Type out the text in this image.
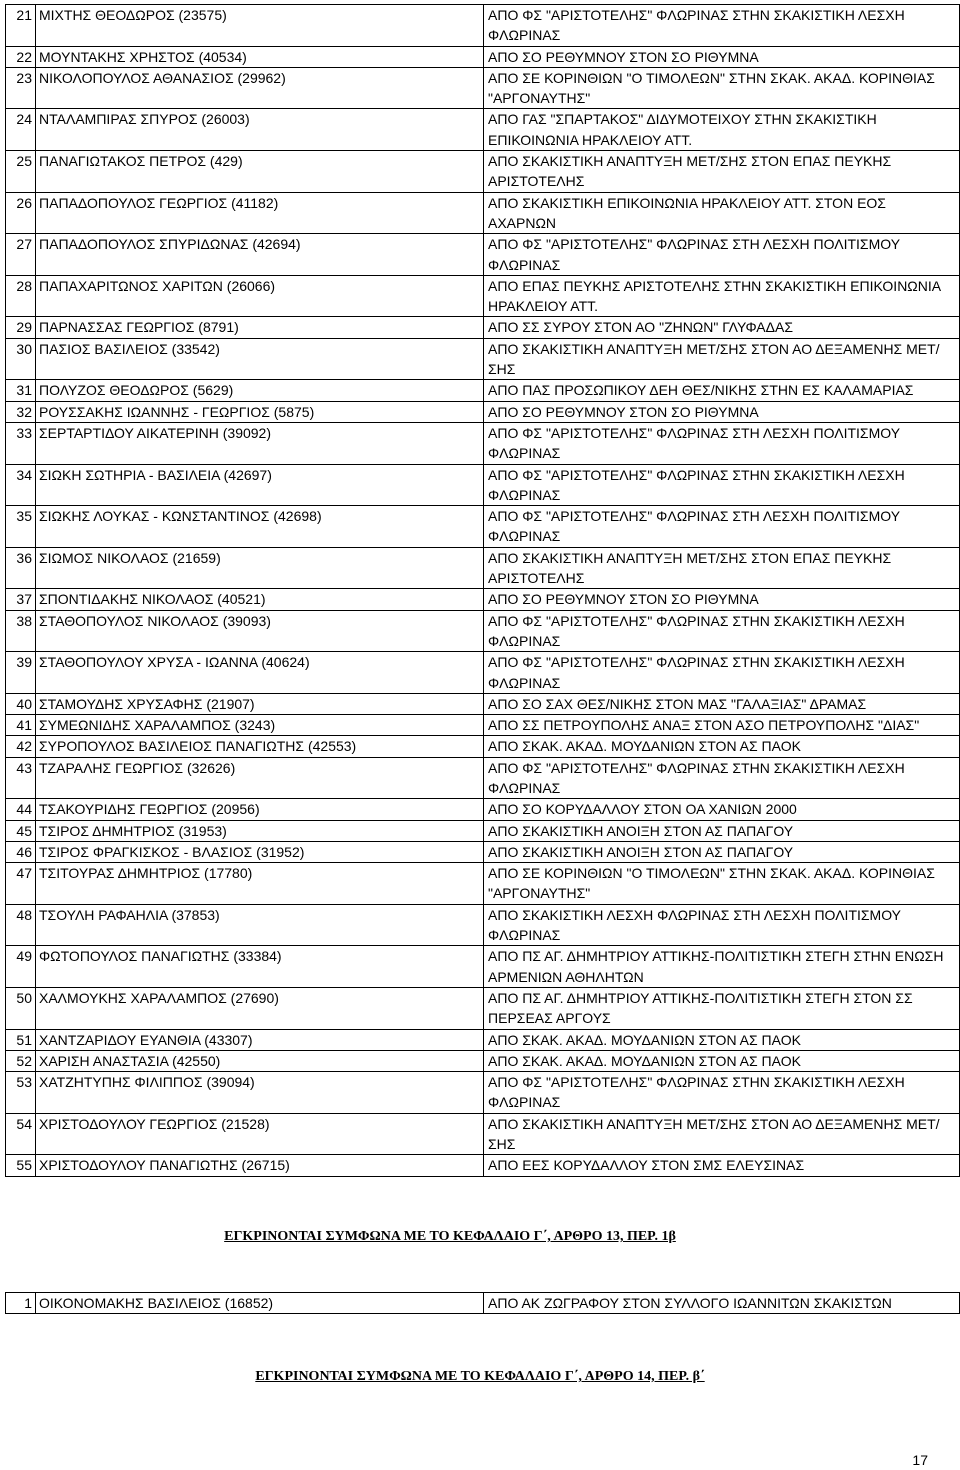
21	ΜΙΧΤΗΣ ΘΕΟΔΩΡΟΣ (23575)	ΑΠΟ ΦΣ "ΑΡΙΣΤΟΤΕΛΗΣ" ΦΛΩΡΙΝΑΣ ΣΤΗΝ ΣΚΑΚΙΣΤΙΚΗ ΛΕΣΧΗ ΦΛΩΡΙΝΑΣ
22	ΜΟΥΝΤΑΚΗΣ ΧΡΗΣΤΟΣ (40534)	ΑΠΟ ΣΟ ΡΕΘΥΜΝΟΥ ΣΤΟΝ ΣΟ ΡΙΘΥΜΝΑ
23	ΝΙΚΟΛΟΠΟΥΛΟΣ ΑΘΑΝΑΣΙΟΣ (29962)	ΑΠΟ ΣΕ ΚΟΡΙΝΘΙΩΝ "Ο ΤΙΜΟΛΕΩΝ" ΣΤΗΝ ΣΚΑΚ. ΑΚΑΔ. ΚΟΡΙΝΘΙΑΣ "ΑΡΓΟΝΑΥΤΗΣ"
24	ΝΤΑΛΑΜΠΙΡΑΣ ΣΠΥΡΟΣ (26003)	ΑΠΟ ΓΑΣ "ΣΠΑΡΤΑΚΟΣ" ΔΙΔΥΜΟΤΕΙΧΟΥ ΣΤΗΝ ΣΚΑΚΙΣΤΙΚΗ ΕΠΙΚΟΙΝΩΝΙΑ ΗΡΑΚΛΕΙΟΥ ΑΤΤ.
25	ΠΑΝΑΓΙΩΤΑΚΟΣ ΠΕΤΡΟΣ (429)	ΑΠΟ ΣΚΑΚΙΣΤΙΚΗ ΑΝΑΠΤΥΞΗ ΜΕΤ/ΣΗΣ ΣΤΟΝ ΕΠΑΣ ΠΕΥΚΗΣ ΑΡΙΣΤΟΤΕΛΗΣ
26	ΠΑΠΑΔΟΠΟΥΛΟΣ ΓΕΩΡΓΙΟΣ (41182)	ΑΠΟ ΣΚΑΚΙΣΤΙΚΗ ΕΠΙΚΟΙΝΩΝΙΑ ΗΡΑΚΛΕΙΟΥ ΑΤΤ. ΣΤΟΝ ΕΟΣ ΑΧΑΡΝΩΝ
27	ΠΑΠΑΔΟΠΟΥΛΟΣ ΣΠΥΡΙΔΩΝΑΣ (42694)	ΑΠΟ ΦΣ "ΑΡΙΣΤΟΤΕΛΗΣ" ΦΛΩΡΙΝΑΣ ΣΤΗ ΛΕΣΧΗ ΠΟΛΙΤΙΣΜΟΥ ΦΛΩΡΙΝΑΣ
28	ΠΑΠΑΧΑΡΙΤΩΝΟΣ ΧΑΡΙΤΩΝ (26066)	ΑΠΟ ΕΠΑΣ ΠΕΥΚΗΣ ΑΡΙΣΤΟΤΕΛΗΣ ΣΤΗΝ ΣΚΑΚΙΣΤΙΚΗ ΕΠΙΚΟΙΝΩΝΙΑ ΗΡΑΚΛΕΙΟΥ ΑΤΤ.
29	ΠΑΡΝΑΣΣΑΣ ΓΕΩΡΓΙΟΣ (8791)	ΑΠΟ ΣΣ ΣΥΡΟΥ ΣΤΟΝ ΑΟ "ΖΗΝΩΝ" ΓΛΥΦΑΔΑΣ
30	ΠΑΣΙΟΣ ΒΑΣΙΛΕΙΟΣ (33542)	ΑΠΟ ΣΚΑΚΙΣΤΙΚΗ ΑΝΑΠΤΥΞΗ ΜΕΤ/ΣΗΣ ΣΤΟΝ ΑΟ ΔΕΞΑΜΕΝΗΣ ΜΕΤ/ΣΗΣ
31	ΠΟΛΥΖΟΣ ΘΕΟΔΩΡΟΣ (5629)	ΑΠΟ ΠΑΣ ΠΡΟΣΩΠΙΚΟΥ ΔΕΗ ΘΕΣ/ΝΙΚΗΣ ΣΤΗΝ ΕΣ ΚΑΛΑΜΑΡΙΑΣ
32	ΡΟΥΣΣΑΚΗΣ ΙΩΑΝΝΗΣ - ΓΕΩΡΓΙΟΣ (5875)	ΑΠΟ ΣΟ ΡΕΘΥΜΝΟΥ ΣΤΟΝ ΣΟ ΡΙΘΥΜΝΑ
33	ΣΕΡΤΑΡΤΙΔΟΥ ΑΙΚΑΤΕΡΙΝΗ (39092)	ΑΠΟ ΦΣ "ΑΡΙΣΤΟΤΕΛΗΣ" ΦΛΩΡΙΝΑΣ ΣΤΗ ΛΕΣΧΗ ΠΟΛΙΤΙΣΜΟΥ ΦΛΩΡΙΝΑΣ
34	ΣΙΩΚΗ ΣΩΤΗΡΙΑ - ΒΑΣΙΛΕΙΑ (42697)	ΑΠΟ ΦΣ "ΑΡΙΣΤΟΤΕΛΗΣ" ΦΛΩΡΙΝΑΣ ΣΤΗΝ ΣΚΑΚΙΣΤΙΚΗ ΛΕΣΧΗ ΦΛΩΡΙΝΑΣ
35	ΣΙΩΚΗΣ ΛΟΥΚΑΣ - ΚΩΝΣΤΑΝΤΙΝΟΣ (42698)	ΑΠΟ ΦΣ "ΑΡΙΣΤΟΤΕΛΗΣ" ΦΛΩΡΙΝΑΣ ΣΤΗ ΛΕΣΧΗ ΠΟΛΙΤΙΣΜΟΥ ΦΛΩΡΙΝΑΣ
36	ΣΙΩΜΟΣ ΝΙΚΟΛΑΟΣ (21659)	ΑΠΟ ΣΚΑΚΙΣΤΙΚΗ ΑΝΑΠΤΥΞΗ ΜΕΤ/ΣΗΣ ΣΤΟΝ ΕΠΑΣ ΠΕΥΚΗΣ ΑΡΙΣΤΟΤΕΛΗΣ
37	ΣΠΟΝΤΙΔΑΚΗΣ ΝΙΚΟΛΑΟΣ (40521)	ΑΠΟ ΣΟ ΡΕΘΥΜΝΟΥ ΣΤΟΝ ΣΟ ΡΙΘΥΜΝΑ
38	ΣΤΑΘΟΠΟΥΛΟΣ ΝΙΚΟΛΑΟΣ (39093)	ΑΠΟ ΦΣ "ΑΡΙΣΤΟΤΕΛΗΣ" ΦΛΩΡΙΝΑΣ ΣΤΗΝ ΣΚΑΚΙΣΤΙΚΗ ΛΕΣΧΗ ΦΛΩΡΙΝΑΣ
39	ΣΤΑΘΟΠΟΥΛΟΥ ΧΡΥΣΑ - ΙΩΑΝΝΑ (40624)	ΑΠΟ ΦΣ "ΑΡΙΣΤΟΤΕΛΗΣ" ΦΛΩΡΙΝΑΣ ΣΤΗΝ ΣΚΑΚΙΣΤΙΚΗ ΛΕΣΧΗ ΦΛΩΡΙΝΑΣ
40	ΣΤΑΜΟΥΔΗΣ ΧΡΥΣΑΦΗΣ (21907)	ΑΠΟ ΣΟ ΣΑΧ ΘΕΣ/ΝΙΚΗΣ ΣΤΟΝ ΜΑΣ "ΓΑΛΑΞΙΑΣ" ΔΡΑΜΑΣ
41	ΣΥΜΕΩΝΙΔΗΣ ΧΑΡΑΛΑΜΠΟΣ (3243)	ΑΠΟ ΣΣ ΠΕΤΡΟΥΠΟΛΗΣ ΑΝΑΞ ΣΤΟΝ ΑΣΟ ΠΕΤΡΟΥΠΟΛΗΣ "ΔΙΑΣ"
42	ΣΥΡΟΠΟΥΛΟΣ ΒΑΣΙΛΕΙΟΣ ΠΑΝΑΓΙΩΤΗΣ (42553)	ΑΠΟ ΣΚΑΚ. ΑΚΑΔ. ΜΟΥΔΑΝΙΩΝ ΣΤΟΝ ΑΣ ΠΑΟΚ
43	ΤΖΑΡΑΛΗΣ ΓΕΩΡΓΙΟΣ (32626)	ΑΠΟ ΦΣ "ΑΡΙΣΤΟΤΕΛΗΣ" ΦΛΩΡΙΝΑΣ ΣΤΗΝ ΣΚΑΚΙΣΤΙΚΗ ΛΕΣΧΗ ΦΛΩΡΙΝΑΣ
44	ΤΣΑΚΟΥΡΙΔΗΣ ΓΕΩΡΓΙΟΣ (20956)	ΑΠΟ ΣΟ ΚΟΡΥΔΑΛΛΟΥ ΣΤΟΝ ΟΑ ΧΑΝΙΩΝ 2000
45	ΤΣΙΡΟΣ ΔΗΜΗΤΡΙΟΣ (31953)	ΑΠΟ ΣΚΑΚΙΣΤΙΚΗ ΑΝΟΙΞΗ ΣΤΟΝ ΑΣ ΠΑΠΑΓΟΥ
46	ΤΣΙΡΟΣ ΦΡΑΓΚΙΣΚΟΣ - ΒΛΑΣΙΟΣ (31952)	ΑΠΟ ΣΚΑΚΙΣΤΙΚΗ ΑΝΟΙΞΗ ΣΤΟΝ ΑΣ ΠΑΠΑΓΟΥ
47	ΤΣΙΤΟΥΡΑΣ ΔΗΜΗΤΡΙΟΣ (17780)	ΑΠΟ ΣΕ ΚΟΡΙΝΘΙΩΝ "Ο ΤΙΜΟΛΕΩΝ" ΣΤΗΝ ΣΚΑΚ. ΑΚΑΔ. ΚΟΡΙΝΘΙΑΣ "ΑΡΓΟΝΑΥΤΗΣ"
48	ΤΣΟΥΛΗ ΡΑΦΑΗΛΙΑ (37853)	ΑΠΟ ΣΚΑΚΙΣΤΙΚΗ ΛΕΣΧΗ ΦΛΩΡΙΝΑΣ ΣΤΗ ΛΕΣΧΗ ΠΟΛΙΤΙΣΜΟΥ ΦΛΩΡΙΝΑΣ
49	ΦΩΤΟΠΟΥΛΟΣ ΠΑΝΑΓΙΩΤΗΣ (33384)	ΑΠΟ ΠΣ ΑΓ. ΔΗΜΗΤΡΙΟΥ ΑΤΤΙΚΗΣ-ΠΟΛΙΤΙΣΤΙΚΗ ΣΤΕΓΗ ΣΤΗΝ ΕΝΩΣΗ ΑΡΜΕΝΙΩΝ ΑΘΗΛΗΤΩΝ
50	ΧΑΛΜΟΥΚΗΣ ΧΑΡΑΛΑΜΠΟΣ (27690)	ΑΠΟ ΠΣ ΑΓ. ΔΗΜΗΤΡΙΟΥ ΑΤΤΙΚΗΣ-ΠΟΛΙΤΙΣΤΙΚΗ ΣΤΕΓΗ ΣΤΟΝ ΣΣ ΠΕΡΣΕΑΣ ΑΡΓΟΥΣ
51	ΧΑΝΤΖΑΡΙΔΟΥ ΕΥΑΝΘΙΑ (43307)	ΑΠΟ ΣΚΑΚ. ΑΚΑΔ. ΜΟΥΔΑΝΙΩΝ ΣΤΟΝ ΑΣ ΠΑΟΚ
52	ΧΑΡΙΣΗ ΑΝΑΣΤΑΣΙΑ (42550)	ΑΠΟ ΣΚΑΚ. ΑΚΑΔ. ΜΟΥΔΑΝΙΩΝ ΣΤΟΝ ΑΣ ΠΑΟΚ
53	ΧΑΤΖΗΤΥΠΗΣ ΦΙΛΙΠΠΟΣ (39094)	ΑΠΟ ΦΣ "ΑΡΙΣΤΟΤΕΛΗΣ" ΦΛΩΡΙΝΑΣ ΣΤΗΝ ΣΚΑΚΙΣΤΙΚΗ ΛΕΣΧΗ ΦΛΩΡΙΝΑΣ
54	ΧΡΙΣΤΟΔΟΥΛΟΥ ΓΕΩΡΓΙΟΣ (21528)	ΑΠΟ ΣΚΑΚΙΣΤΙΚΗ ΑΝΑΠΤΥΞΗ ΜΕΤ/ΣΗΣ ΣΤΟΝ ΑΟ ΔΕΞΑΜΕΝΗΣ ΜΕΤ/ΣΗΣ
55	ΧΡΙΣΤΟΔΟΥΛΟΥ ΠΑΝΑΓΙΩΤΗΣ (26715)	ΑΠΟ ΕΕΣ ΚΟΡΥΔΑΛΛΟΥ ΣΤΟΝ ΣΜΣ ΕΛΕΥΣΙΝΑΣ
ΕΓΚΡΙΝΟΝΤΑΙ ΣΥΜΦΩΝΑ ΜΕ ΤΟ ΚΕΦΑΛΑΙΟ Γ΄, ΑΡΘΡΟ 13, ΠΕΡ. 1β
1	ΟΙΚΟΝΟΜΑΚΗΣ ΒΑΣΙΛΕΙΟΣ (16852)	ΑΠΟ ΑΚ ΖΩΓΡΑΦΟΥ ΣΤΟΝ ΣΥΛΛΟΓΟ ΙΩΑΝΝΙΤΩΝ ΣΚΑΚΙΣΤΩΝ
ΕΓΚΡΙΝΟΝΤΑΙ ΣΥΜΦΩΝΑ ΜΕ ΤΟ ΚΕΦΑΛΑΙΟ Γ΄, ΑΡΘΡΟ 14, ΠΕΡ. β΄
17
